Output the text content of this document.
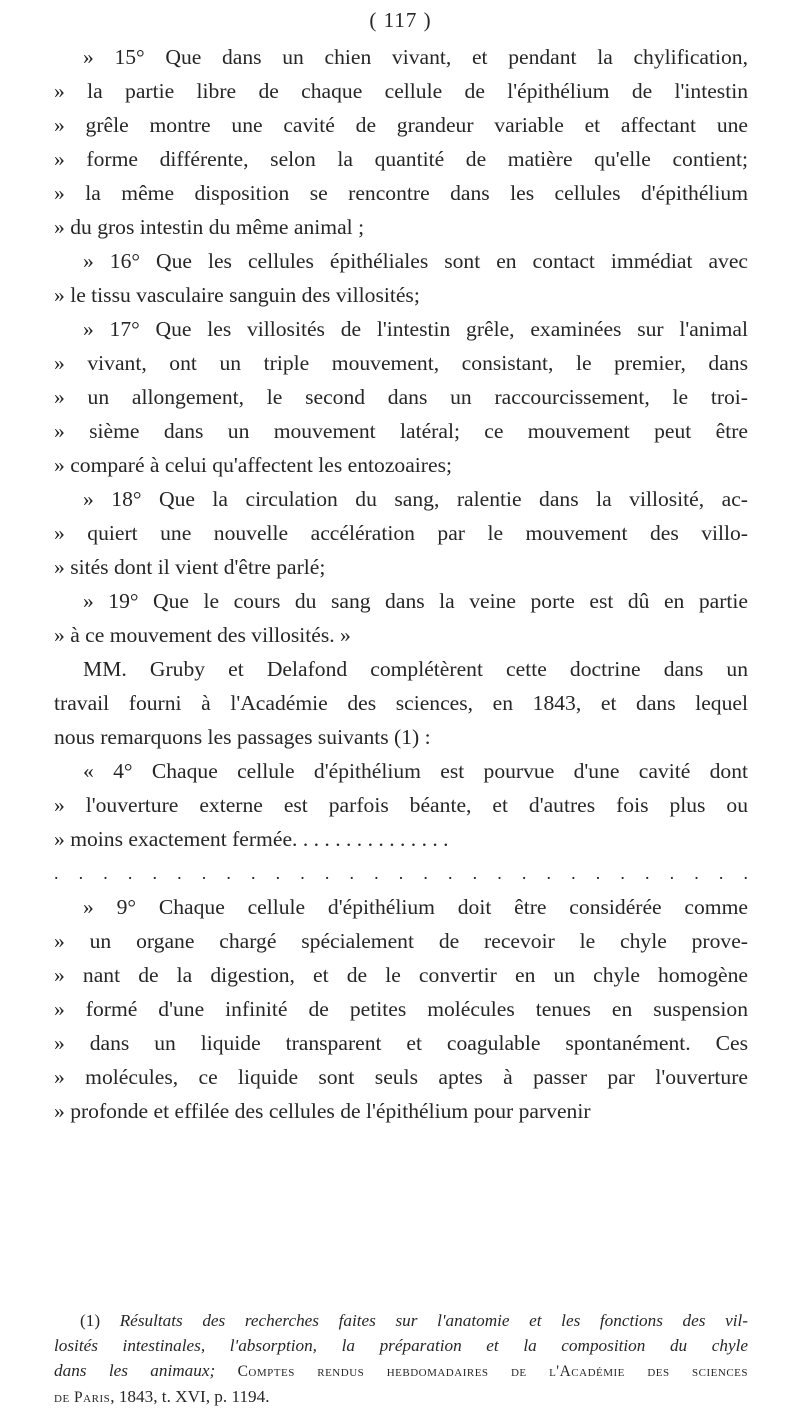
( 117 )
» 15° Que dans un chien vivant, et pendant la chylification,
» la partie libre de chaque cellule de l'épithélium de l'intestin
» grêle montre une cavité de grandeur variable et affectant une
» forme différente, selon la quantité de matière qu'elle contient;
» la même disposition se rencontre dans les cellules d'épithélium
» du gros intestin du même animal ;
» 16° Que les cellules épithéliales sont en contact immédiat avec
» le tissu vasculaire sanguin des villosités;
» 17° Que les villosités de l'intestin grêle, examinées sur l'animal
» vivant, ont un triple mouvement, consistant, le premier, dans
» un allongement, le second dans un raccourcissement, le troi-
» sième dans un mouvement latéral; ce mouvement peut être
» comparé à celui qu'affectent les entozoaires;
» 18° Que la circulation du sang, ralentie dans la villosité, ac-
» quiert une nouvelle accélération par le mouvement des villo-
» sités dont il vient d'être parlé;
» 19° Que le cours du sang dans la veine porte est dû en partie
» à ce mouvement des villosités. »
MM. Gruby et Delafond complétèrent cette doctrine dans un
travail fourni à l'Académie des sciences, en 1843, et dans lequel
nous remarquons les passages suivants (1) :
« 4° Chaque cellule d'épithélium est pourvue d'une cavité dont
» l'ouverture externe est parfois béante, et d'autres fois plus ou
» moins exactement fermée. . . . . . . . . . . . . . .
. . . . . . . . . . . . . . . . . . . . . . . . . . . . .
» 9° Chaque cellule d'épithélium doit être considérée comme
» un organe chargé spécialement de recevoir le chyle prove-
» nant de la digestion, et de le convertir en un chyle homogène
» formé d'une infinité de petites molécules tenues en suspension
» dans un liquide transparent et coagulable spontanément. Ces
» molécules, ce liquide sont seuls aptes à passer par l'ouverture
» profonde et effilée des cellules de l'épithélium pour parvenir
(1) Résultats des recherches faites sur l'anatomie et les fonctions des vil-
losités intestinales, l'absorption, la préparation et la composition du chyle
dans les animaux; Comptes rendus hebdomadaires de l'Académie des sciences
de Paris, 1843, t. XVI, p. 1194.
